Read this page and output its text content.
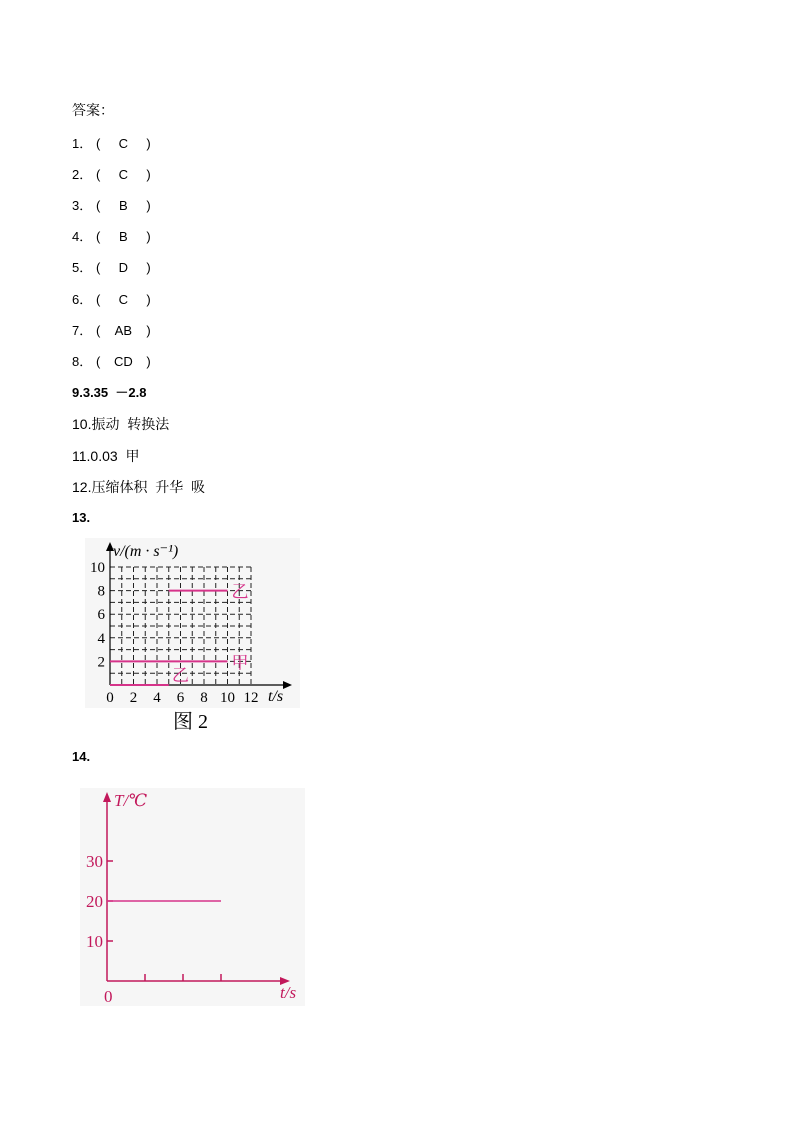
答案：
1． ( C )
2． ( C )
3． ( B )
4． ( B )
5． ( D )
6． ( C )
7． ( AB )
8． ( CD )
9.3.35  －2.8
10.振动  转换法
11.0.03  甲
12.压缩体积  升华  吸
13.
14.
乙
甲
乙
0 2 4 6 8 10 12
2
4
6
8
10
v/(m · s⁻¹)
t/s
图 2
10
20
30
T/℃
t/s
0
